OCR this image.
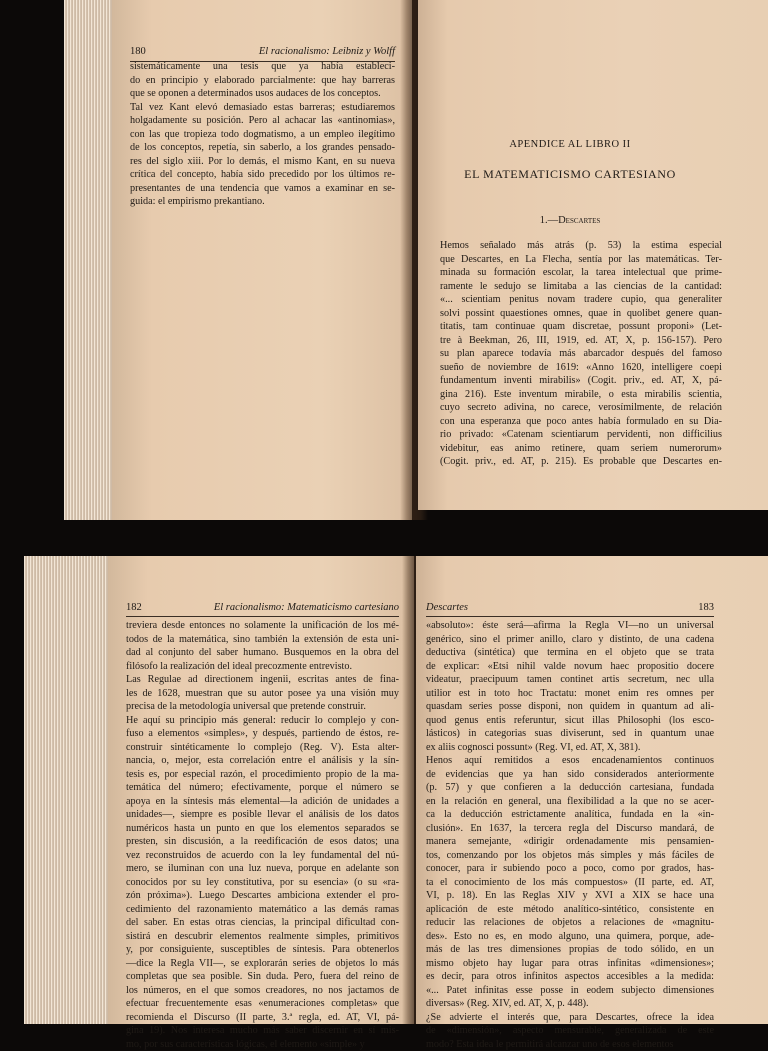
180	El racionalismo: Leibniz y Wolff
sistemáticamente una tesis que ya había estableci-
do en principio y elaborado parcialmente: que hay barreras
que se oponen a determinados usos audaces de los conceptos.
Tal vez Kant elevó demasiado estas barreras; estudiaremos
holgadamente su posición. Pero al achacar las «antinomias»,
con las que tropieza todo dogmatismo, a un empleo ilegítimo
de los conceptos, repetía, sin saberlo, a los grandes pensado-
res del siglo xiii. Por lo demás, el mismo Kant, en su nueva
crítica del concepto, había sido precedido por los últimos re-
presentantes de una tendencia que vamos a examinar en se-
guida: el empirismo prekantiano.
APENDICE AL LIBRO II
EL MATEMATICISMO CARTESIANO
1.—Descartes
Hemos señalado más atrás (p. 53) la estima especial
que Descartes, en La Flecha, sentía por las matemáticas. Ter-
minada su formación escolar, la tarea intelectual que prime-
ramente le sedujo se limitaba a las ciencias de la cantidad:
«... scientiam penitus novam tradere cupio, qua generaliter
solvi possint quaestiones omnes, quae in quolibet genere quan-
titatis, tam continuae quam discretae, possunt proponi» (Let-
tre à Beekman, 26, III, 1919, ed. AT, X, p. 156-157). Pero
su plan aparece todavía más abarcador después del famoso
sueño de noviembre de 1619: «Anno 1620, intelligere coepi
fundamentum inventi mirabilis» (Cogit. priv., ed. AT, X, pá-
gina 216). Este inventum mirabile, o esta mirabilis scientia,
cuyo secreto adivina, no carece, verosímilmente, de relación
con una esperanza que poco antes había formulado en su Dia-
rio privado: «Catenam scientiarum pervidenti, non difficilius
videbitur, eas animo retinere, quam seriem numerorum»
(Cogit. priv., ed. AT, p. 215). Es probable que Descartes en-
182	El racionalismo: Matematicismo cartesiano
treviera desde entonces no solamente la unificación de los mé-
todos de la matemática, sino también la extensión de esta uni-
dad al conjunto del saber humano. Busquemos en la obra del
filósofo la realización del ideal precozmente entrevisto.
Las Regulae ad directionem ingenii, escritas antes de fina-
les de 1628, muestran que su autor posee ya una visión muy
precisa de la metodología universal que pretende construir.
He aquí su principio más general: reducir lo complejo y con-
fuso a elementos «simples», y después, partiendo de éstos, re-
construir sintéticamente lo complejo (Reg. V). Esta alter-
nancia, o, mejor, esta correlación entre el análisis y la sín-
tesis es, por especial razón, el procedimiento propio de la ma-
temática del número; efectivamente, porque el número se
apoya en la síntesis más elemental—la adición de unidades a
unidades—, siempre es posible llevar el análisis de los datos
numéricos hasta un punto en que los elementos separados se
presten, sin discusión, a la reedificación de esos datos; una
vez reconstruidos de acuerdo con la ley fundamental del nú-
mero, se iluminan con una luz nueva, porque en adelante son
conocidos por su ley constitutiva, por su esencia» (o su «ra-
zón próxima»). Luego Descartes ambiciona extender el pro-
cedimiento del razonamiento matemático a las demás ramas
del saber. En estas otras ciencias, la principal dificultad con-
sistirá en descubrir elementos realmente simples, primitivos
y, por consiguiente, susceptibles de síntesis. Para obtenerlos
—dice la Regla VII—, se explorarán series de objetos lo más
completas que sea posible. Sin duda. Pero, fuera del reino de
los números, en el que somos creadores, no nos jactamos de
efectuar frecuentemente esas «enumeraciones completas» que
recomienda el Discurso (II parte, 3.ª regla, ed. AT, VI, pá-
gina 19). Nos interesa mucho más saber discernir en sí mis-
mo, por sus características lógicas, el elemento «simple» y
183
Descartes
«absoluto»: éste será—afirma la Regla VI—no un universal
genérico, sino el primer anillo, claro y distinto, de una cadena
deductiva (sintética) que termina en el objeto que se trata
de explicar: «Etsi nihil valde novum haec propositio docere
videatur, praecipuum tamen continet artis secretum, nec ulla
utilior est in toto hoc Tractatu: monet enim res omnes per
quasdam series posse disponi, non quidem in quantum ad ali-
quod genus entis referuntur, sicut illas Philosophi (los esco-
lásticos) in categorias suas diviserunt, sed in quantum unae
ex aliis cognosci possunt» (Reg. VI, ed. AT, X, 381).
Henos aquí remitidos a esos encadenamientos continuos
de evidencias que ya han sido considerados anteriormente
(p. 57) y que confieren a la deducción cartesiana, fundada
en la relación en general, una flexibilidad a la que no se acer-
ca la deducción estrictamente analítica, fundada en la «in-
clusión». En 1637, la tercera regla del Discurso mandará, de
manera semejante, «dirigir ordenadamente mis pensamien-
tos, comenzando por los objetos más simples y más fáciles de
conocer, para ir subiendo poco a poco, como por grados, has-
ta el conocimiento de los más compuestos» (II parte, ed. AT,
VI, p. 18). En las Reglas XIV y XVI a XIX se hace una
aplicación de este método analítico-sintético, consistente en
reducir las relaciones de objetos a relaciones de «magnitu-
des». Esto no es, en modo alguno, una quimera, porque, ade-
más de las tres dimensiones propias de todo sólido, en un
mismo objeto hay lugar para otras infinitas «dimensiones»;
es decir, para otros infinitos aspectos accesibles a la medida:
«... Patet infinitas esse posse in eodem subjecto dimensiones
diversas» (Reg. XIV, ed. AT, X, p. 448).
¿Se advierte el interés que, para Descartes, ofrece la idea
de «dimensión», aspecto mensurable, generalizada de este
modo? Esta idea le permitirá alcanzar uno de esos elementos
